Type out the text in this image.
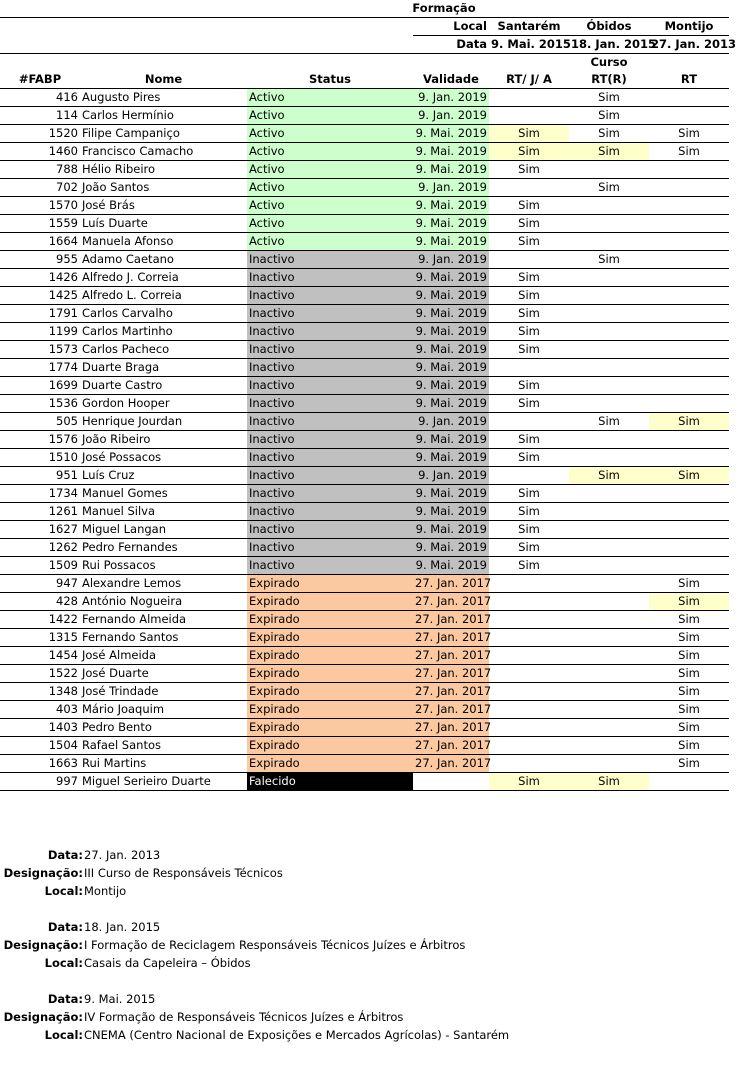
		Formação				
			Local	Santarém	Óbidos	Montijo
			Data	9. Mai. 2015	18. Jan. 2015	27. Jan. 2013
					Curso	
#FABP	Nome	Status	Validade	RT/ J/ A	RT(R)	RT
416	Augusto Pires	Activo	9. Jan. 2019		Sim	
114	Carlos Hermínio	Activo	9. Jan. 2019		Sim	
1520	Filipe Campaniço	Activo	9. Mai. 2019	Sim	Sim	Sim
1460	Francisco Camacho	Activo	9. Mai. 2019	Sim	Sim	Sim
788	Hélio Ribeiro	Activo	9. Mai. 2019	Sim		
702	João Santos	Activo	9. Jan. 2019		Sim	
1570	José Brás	Activo	9. Mai. 2019	Sim		
1559	Luís Duarte	Activo	9. Mai. 2019	Sim		
1664	Manuela Afonso	Activo	9. Mai. 2019	Sim		
955	Adamo Caetano	Inactivo	9. Jan. 2019		Sim	
1426	Alfredo J. Correia	Inactivo	9. Mai. 2019	Sim		
1425	Alfredo L. Correia	Inactivo	9. Mai. 2019	Sim		
1791	Carlos Carvalho	Inactivo	9. Mai. 2019	Sim		
1199	Carlos Martinho	Inactivo	9. Mai. 2019	Sim		
1573	Carlos Pacheco	Inactivo	9. Mai. 2019	Sim		
1774	Duarte Braga	Inactivo	9. Mai. 2019			
1699	Duarte Castro	Inactivo	9. Mai. 2019	Sim		
1536	Gordon Hooper	Inactivo	9. Mai. 2019	Sim		
505	Henrique Jourdan	Inactivo	9. Jan. 2019		Sim	Sim
1576	João Ribeiro	Inactivo	9. Mai. 2019	Sim		
1510	José Possacos	Inactivo	9. Mai. 2019	Sim		
951	Luís Cruz	Inactivo	9. Jan. 2019		Sim	Sim
1734	Manuel Gomes	Inactivo	9. Mai. 2019	Sim		
1261	Manuel Silva	Inactivo	9. Mai. 2019	Sim		
1627	Miguel Langan	Inactivo	9. Mai. 2019	Sim		
1262	Pedro Fernandes	Inactivo	9. Mai. 2019	Sim		
1509	Rui Possacos	Inactivo	9. Mai. 2019	Sim		
947	Alexandre Lemos	Expirado	27. Jan. 2017			Sim
428	António Nogueira	Expirado	27. Jan. 2017			Sim
1422	Fernando Almeida	Expirado	27. Jan. 2017			Sim
1315	Fernando Santos	Expirado	27. Jan. 2017			Sim
1454	José Almeida	Expirado	27. Jan. 2017			Sim
1522	José Duarte	Expirado	27. Jan. 2017			Sim
1348	José Trindade	Expirado	27. Jan. 2017			Sim
403	Mário Joaquim	Expirado	27. Jan. 2017			Sim
1403	Pedro Bento	Expirado	27. Jan. 2017			Sim
1504	Rafael Santos	Expirado	27. Jan. 2017			Sim
1663	Rui Martins	Expirado	27. Jan. 2017			Sim
997	Miguel Serieiro Duarte	Falecido		Sim	Sim	
Data: 27. Jan. 2013
Designação: III Curso de Responsáveis Técnicos
Local: Montijo
Data: 18. Jan. 2015
Designação: I Formação de Reciclagem Responsáveis Técnicos Juízes e Árbitros
Local: Casais da Capeleira – Óbidos
Data: 9. Mai. 2015
Designação: IV Formação de Responsáveis Técnicos Juízes e Árbitros
Local: CNEMA (Centro Nacional de Exposições e Mercados Agrícolas) - Santarém
